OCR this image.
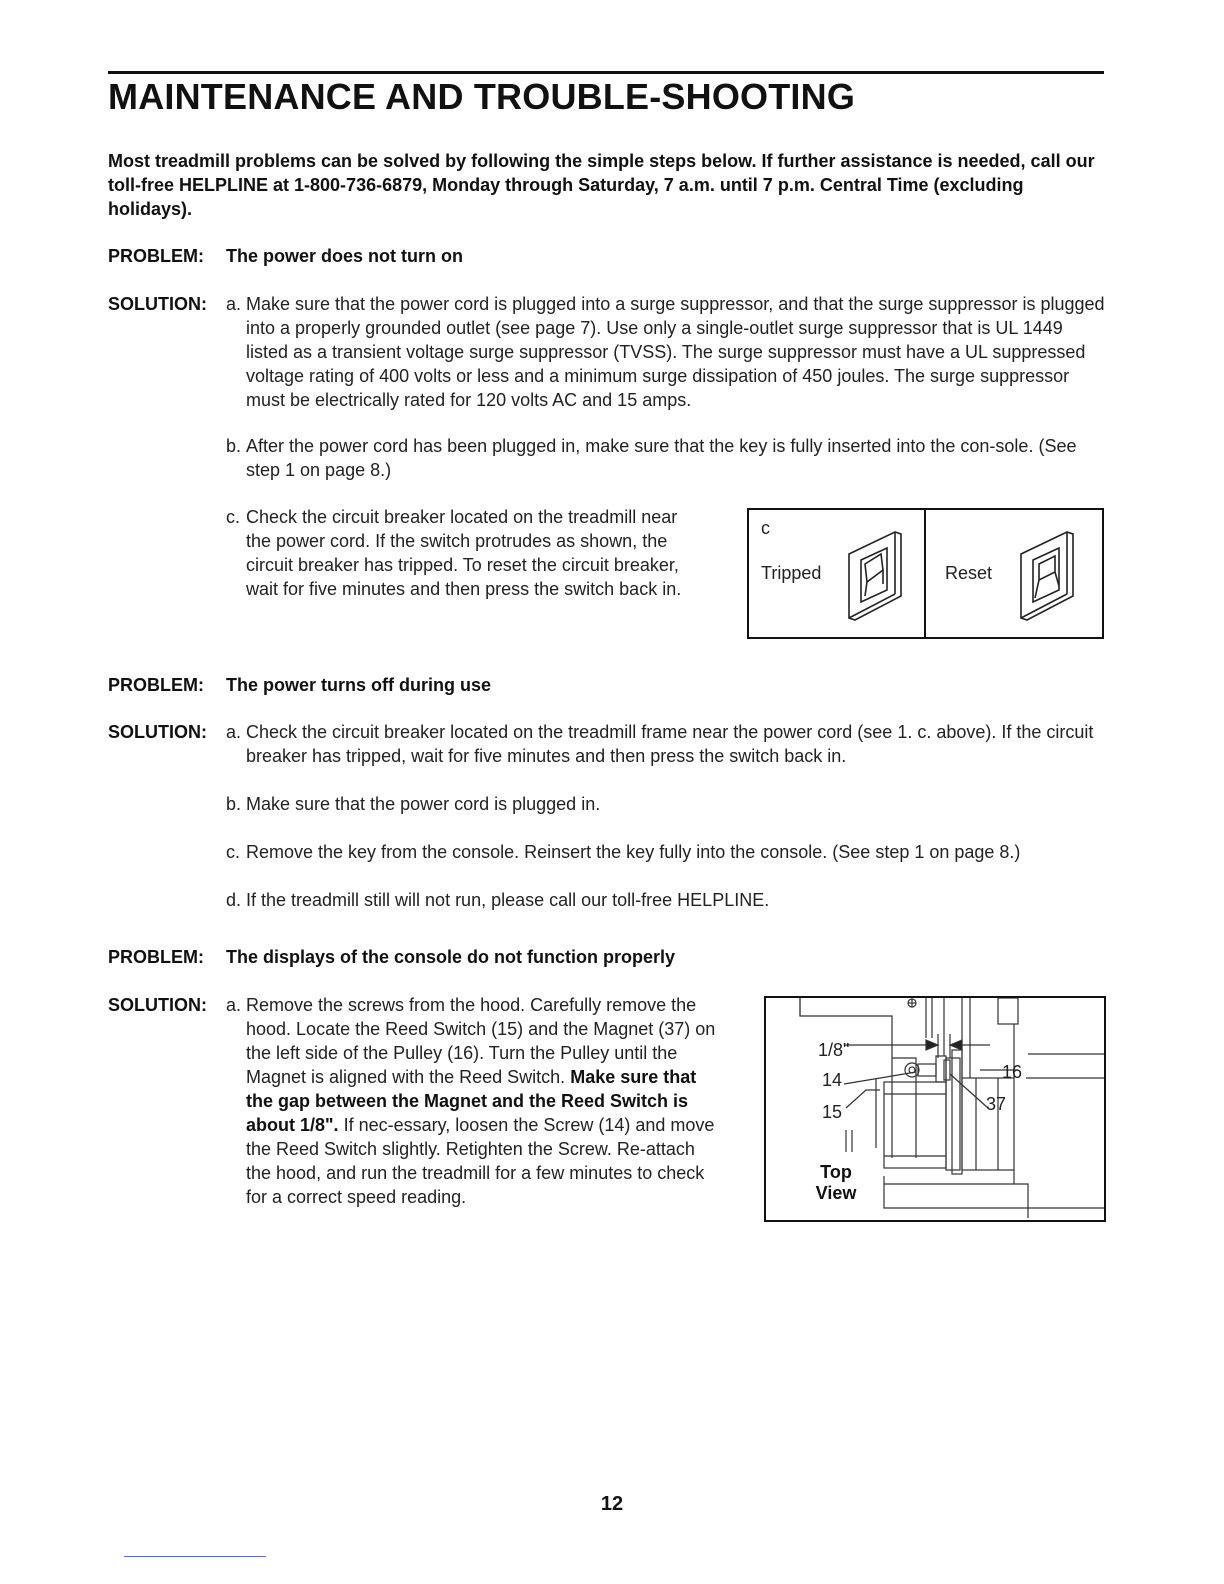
MAINTENANCE AND TROUBLE-SHOOTING
Most treadmill problems can be solved by following the simple steps below. If further assistance is needed, call our toll-free HELPLINE at 1-800-736-6879, Monday through Saturday, 7 a.m. until 7 p.m. Central Time (excluding holidays).
PROBLEM: The power does not turn on
SOLUTION: a. Make sure that the power cord is plugged into a surge suppressor, and that the surge suppressor is plugged into a properly grounded outlet (see page 7). Use only a single-outlet surge suppressor that is UL 1449 listed as a transient voltage surge suppressor (TVSS). The surge suppressor must have a UL suppressed voltage rating of 400 volts or less and a minimum surge dissipation of 450 joules. The surge suppressor must be electrically rated for 120 volts AC and 15 amps.
b. After the power cord has been plugged in, make sure that the key is fully inserted into the con-sole. (See step 1 on page 8.)
c. Check the circuit breaker located on the treadmill near the power cord. If the switch protrudes as shown, the circuit breaker has tripped. To reset the circuit breaker, wait for five minutes and then press the switch back in.
c
Tripped	Reset
PROBLEM: The power turns off during use
SOLUTION: a. Check the circuit breaker located on the treadmill frame near the power cord (see 1. c. above). If the circuit breaker has tripped, wait for five minutes and then press the switch back in.
b. Make sure that the power cord is plugged in.
c. Remove the key from the console. Reinsert the key fully into the console. (See step 1 on page 8.)
d. If the treadmill still will not run, please call our toll-free HELPLINE.
PROBLEM: The displays of the console do not function properly
SOLUTION: a. Remove the screws from the hood. Carefully remove the hood. Locate the Reed Switch (15) and the Magnet (37) on the left side of the Pulley (16). Turn the Pulley until the Magnet is aligned with the Reed Switch. Make sure that the gap between the Magnet and the Reed Switch is about 1/8". If nec-essary, loosen the Screw (14) and move the Reed Switch slightly. Retighten the Screw. Re-attach the hood, and run the treadmill for a few minutes to check for a correct speed reading.
1/8"
14
15
16
37
Top
View
12
